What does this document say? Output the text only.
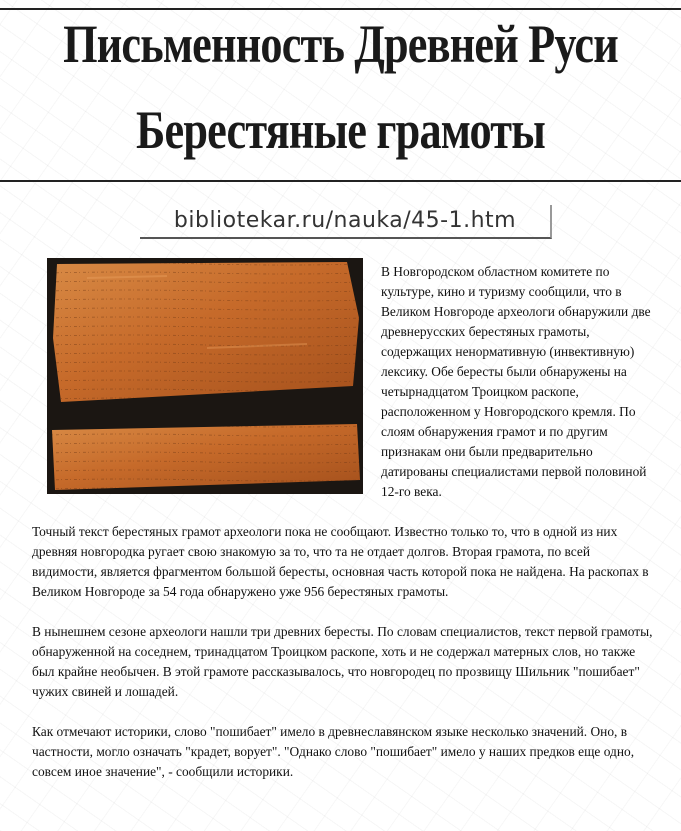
Письменность Древней Руси
Берестяные грамоты
bibliotekar.ru/nauka/45-1.htm

В Новгородском областном комитете по культуре, кино и туризму сообщили, что в Великом Новгороде археологи обнаружили две древнерусских берестяных грамоты, содержащих ненормативную (инвективную) лексику. Обе бересты были обнаружены на четырнадцатом Троицком раскопе, расположенном у Новгородского кремля. По слоям обнаружения грамот и по другим признакам они были предварительно датированы специалистами первой половиной 12-го века.

Точный текст берестяных грамот археологи пока не сообщают. Известно только то, что в одной из них древняя новгородка ругает свою знакомую за то, что та не отдает долгов. Вторая грамота, по всей видимости, является фрагментом большой бересты, основная часть которой пока не найдена. На раскопах в Великом Новгороде за 54 года обнаружено уже 956 берестяных грамоты.

В нынешнем сезоне археологи нашли три древних бересты. По словам специалистов, текст первой грамоты, обнаруженной на соседнем, тринадцатом Троицком раскопе, хоть и не содержал матерных слов, но также был крайне необычен. В этой грамоте рассказывалось, что новгородец по прозвищу Шильник "пошибает" чужих свиней и лошадей.

Как отмечают историки, слово "пошибает" имело в древнеславянском языке несколько значений. Оно, в частности, могло означать "крадет, ворует". "Однако слово "пошибает" имело у наших предков еще одно, совсем иное значение", - сообщили историки.
